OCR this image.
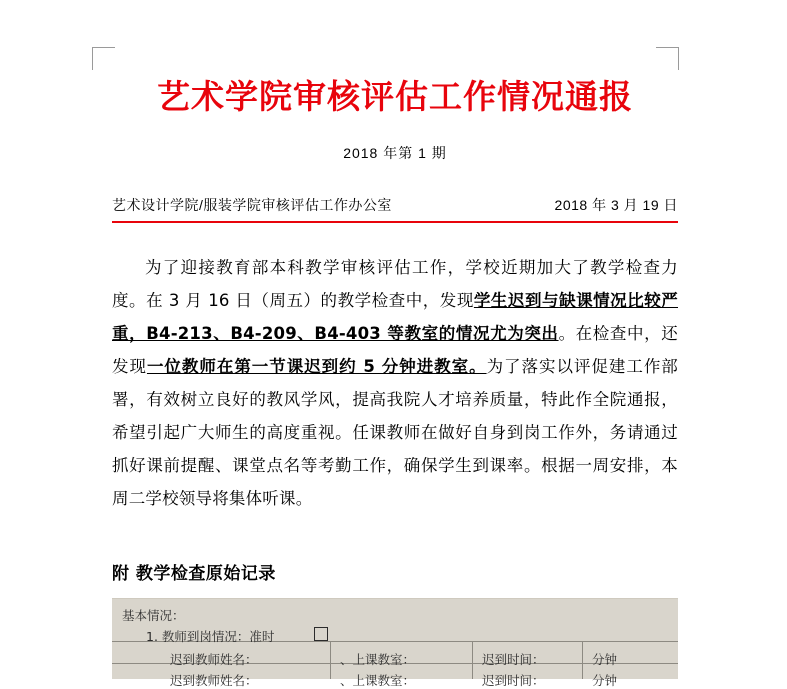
艺术学院审核评估工作情况通报
2018 年第 1 期
艺术设计学院/服装学院审核评估工作办公室	2018 年 3 月 19 日
为了迎接教育部本科教学审核评估工作，学校近期加大了教学检查力度。在 3 月 16 日（周五）的教学检查中，发现学生迟到与缺课情况比较严重，B4-213、B4-209、B4-403 等教室的情况尤为突出。在检查中，还发现一位教师在第一节课迟到约 5 分钟进教室。为了落实以评促建工作部署，有效树立良好的教风学风，提高我院人才培养质量，特此作全院通报，希望引起广大师生的高度重视。任课教师在做好自身到岗工作外，务请通过抓好课前提醒、课堂点名等考勤工作，确保学生到课率。根据一周安排，本周二学校领导将集体听课。
附 教学检查原始记录
基本情况：
1. 教师到岗情况：准时
迟到教师姓名：
迟到教师姓名：
、上课教室：
、上课教室：
迟到时间：
迟到时间：
分钟
分钟
